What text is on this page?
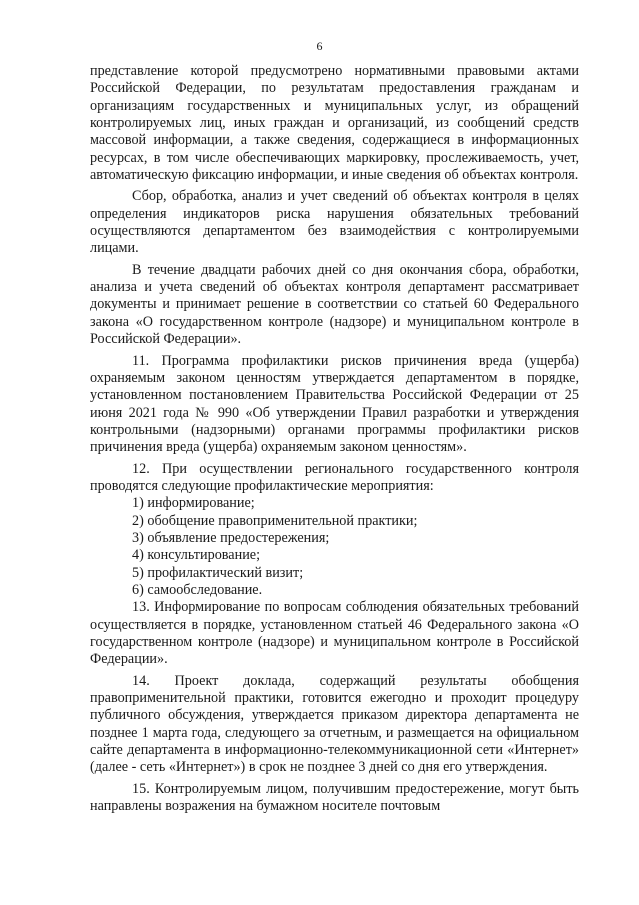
6

представление которой предусмотрено нормативными правовыми актами Российской Федерации, по результатам предоставления гражданам и организациям государственных и муниципальных услуг, из обращений контролируемых лиц, иных граждан и организаций, из сообщений средств массовой информации, а также сведения, содержащиеся в информационных ресурсах, в том числе обеспечивающих маркировку, прослеживаемость, учет, автоматическую фиксацию информации, и иные сведения об объектах контроля.

Сбор, обработка, анализ и учет сведений об объектах контроля в целях определения индикаторов риска нарушения обязательных требований осуществляются департаментом без взаимодействия с контролируемыми лицами.

В течение двадцати рабочих дней со дня окончания сбора, обработки, анализа и учета сведений об объектах контроля департамент рассматривает документы и принимает решение в соответствии со статьей 60 Федерального закона «О государственном контроле (надзоре) и муниципальном контроле в Российской Федерации».

11. Программа профилактики рисков причинения вреда (ущерба) охраняемым законом ценностям утверждается департаментом в порядке, установленном постановлением Правительства Российской Федерации от 25 июня 2021 года № 990 «Об утверждении Правил разработки и утверждения контрольными (надзорными) органами программы профилактики рисков причинения вреда (ущерба) охраняемым законом ценностям».

12. При осуществлении регионального государственного контроля проводятся следующие профилактические мероприятия:

1) информирование;

2) обобщение правоприменительной практики;

3) объявление предостережения;

4) консультирование;

5) профилактический визит;

6) самообследование.

13. Информирование по вопросам соблюдения обязательных требований осуществляется в порядке, установленном статьей 46 Федерального закона «О государственном контроле (надзоре) и муниципальном контроле в Российской Федерации».

14. Проект доклада, содержащий результаты обобщения правоприменительной практики, готовится ежегодно и проходит процедуру публичного обсуждения, утверждается приказом директора департамента не позднее 1 марта года, следующего за отчетным, и размещается на официальном сайте департамента в информационно-телекоммуникационной сети «Интернет» (далее - сеть «Интернет») в срок не позднее 3 дней со дня его утверждения.

15. Контролируемым лицом, получившим предостережение, могут быть направлены возражения на бумажном носителе почтовым
